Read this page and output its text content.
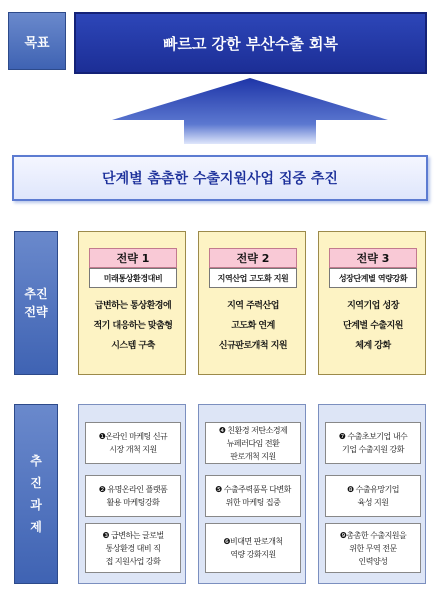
목표	빠르고 강한 부산수출 회복
단계별 촘촘한 수출지원사업 집중 추진
추진
전략
전략 1
미래통상환경대비
급변하는 통상환경에
적기 대응하는 맞춤형
시스템 구축
전략 2
지역산업 고도화 지원
지역 주력산업
고도화 연계
신규판로개척 지원
전략 3
성장단계별 역량강화
지역기업 성장
단계별 수출지원
체계 강화
추
진
과
제
❶온라인 마케팅 신규
시장 개척 지원
❷ 유명온라인 플랫폼
활용 마케팅강화
❸ 급변하는 글로벌
통상환경 대비 직
접 지원사업 강화
❹ 친환경 저탄소경제
뉴페러다임 전환
판로개척 지원
❺ 수출주력품목 다변화
위한 마케팅 집중
❻비대면 판로개척
역량 강화지원
❼ 수출초보기업 내수
기업 수출지원 강화
❽ 수출유망기업
육성 지원
❾촘촘한 수출지원을
위한 무역 전문
인력양성
